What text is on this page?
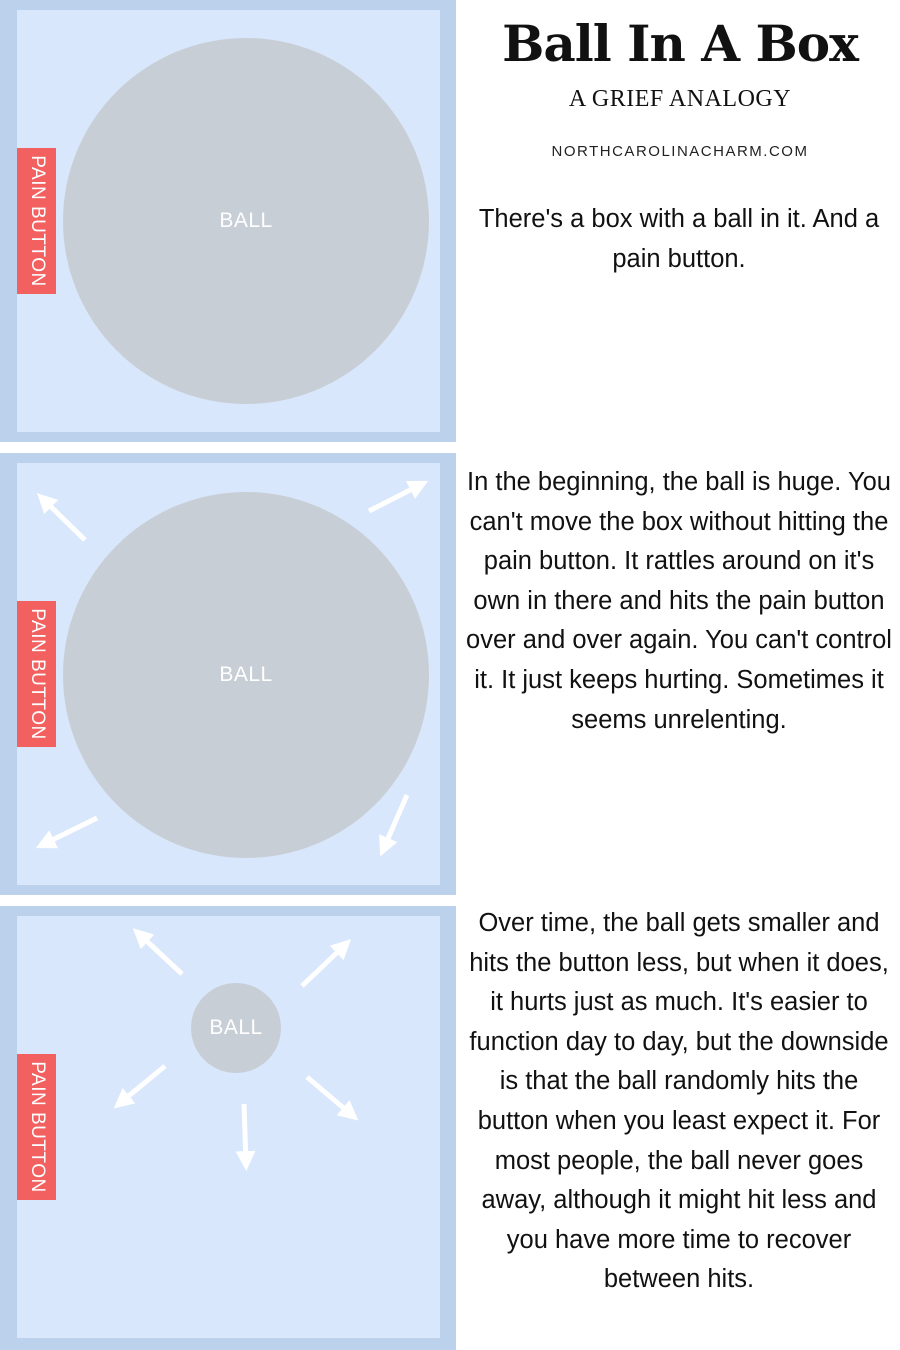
PAIN BUTTON	BALL
PAIN BUTTON	BALL
PAIN BUTTON
BALL
Ball In A Box
A GRIEF ANALOGY
NORTHCAROLINACHARM.COM

There's a box with a ball in it. And a pain button.

In the beginning, the ball is huge. You can't move the box without hitting the pain button. It rattles around on it's own in there and hits the pain button over and over again. You can't control it. It just keeps hurting. Sometimes it seems unrelenting.

Over time, the ball gets smaller and hits the button less, but when it does, it hurts just as much. It's easier to function day to day, but the downside is that the ball randomly hits the button when you least expect it. For most people, the ball never goes away, although it might hit less and you have more time to recover between hits.
